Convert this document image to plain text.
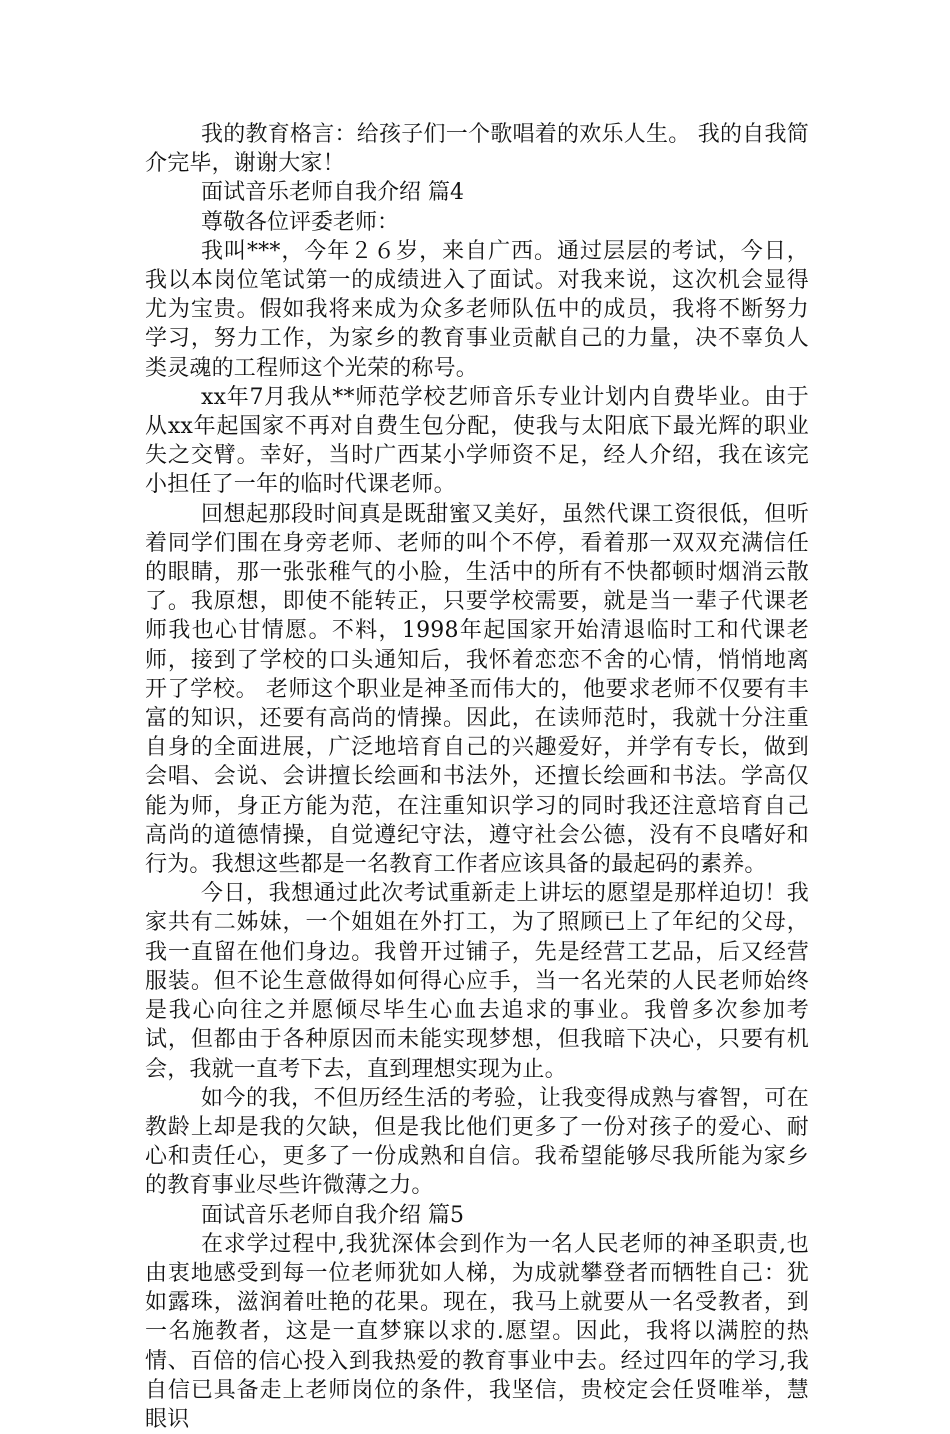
我的教育格言：给孩子们一个歌唱着的欢乐人生。 我的自我简介完毕，谢谢大家！

面试音乐老师自我介绍 篇4

尊敬各位评委老师：

我叫***，今年２６岁，来自广西。通过层层的考试，今日，我以本岗位笔试第一的成绩进入了面试。对我来说，这次机会显得尤为宝贵。假如我将来成为众多老师队伍中的成员，我将不断努力学习，努力工作，为家乡的教育事业贡献自己的力量，决不辜负人类灵魂的工程师这个光荣的称号。

xx年7月我从**师范学校艺师音乐专业计划内自费毕业。由于从xx年起国家不再对自费生包分配，使我与太阳底下最光辉的职业失之交臂。幸好，当时广西某小学师资不足，经人介绍，我在该完小担任了一年的临时代课老师。

回想起那段时间真是既甜蜜又美好，虽然代课工资很低，但听着同学们围在身旁老师、老师的叫个不停，看着那一双双充满信任的眼睛，那一张张稚气的小脸，生活中的所有不快都顿时烟消云散了。我原想，即使不能转正，只要学校需要，就是当一辈子代课老师我也心甘情愿。不料，1998年起国家开始清退临时工和代课老师，接到了学校的口头通知后，我怀着恋恋不舍的心情，悄悄地离开了学校。 老师这个职业是神圣而伟大的，他要求老师不仅要有丰富的知识，还要有高尚的情操。因此，在读师范时，我就十分注重自身的全面进展，广泛地培育自己的兴趣爱好，并学有专长，做到会唱、会说、会讲擅长绘画和书法外，还擅长绘画和书法。学高仅能为师，身正方能为范，在注重知识学习的同时我还注意培育自己高尚的道德情操，自觉遵纪守法，遵守社会公德，没有不良嗜好和行为。我想这些都是一名教育工作者应该具备的最起码的素养。

今日，我想通过此次考试重新走上讲坛的愿望是那样迫切！我家共有二姊妹，一个姐姐在外打工，为了照顾已上了年纪的父母，我一直留在他们身边。我曾开过铺子，先是经营工艺品，后又经营服装。但不论生意做得如何得心应手，当一名光荣的人民老师始终是我心向往之并愿倾尽毕生心血去追求的事业。我曾多次参加考试，但都由于各种原因而未能实现梦想，但我暗下决心，只要有机会，我就一直考下去，直到理想实现为止。

如今的我，不但历经生活的考验，让我变得成熟与睿智，可在教龄上却是我的欠缺，但是我比他们更多了一份对孩子的爱心、耐心和责任心，更多了一份成熟和自信。我希望能够尽我所能为家乡的教育事业尽些许微薄之力。

面试音乐老师自我介绍 篇5

在求学过程中,我犹深体会到作为一名人民老师的神圣职责,也由衷地感受到每一位老师犹如人梯，为成就攀登者而牺牲自己：犹如露珠，滋润着吐艳的花果。现在，我马上就要从一名受教者，到一名施教者，这是一直梦寐以求的.愿望。因此，我将以满腔的热情、百倍的信心投入到我热爱的教育事业中去。经过四年的学习,我自信已具备走上老师岗位的条件，我坚信，贵校定会任贤唯举，慧眼识
